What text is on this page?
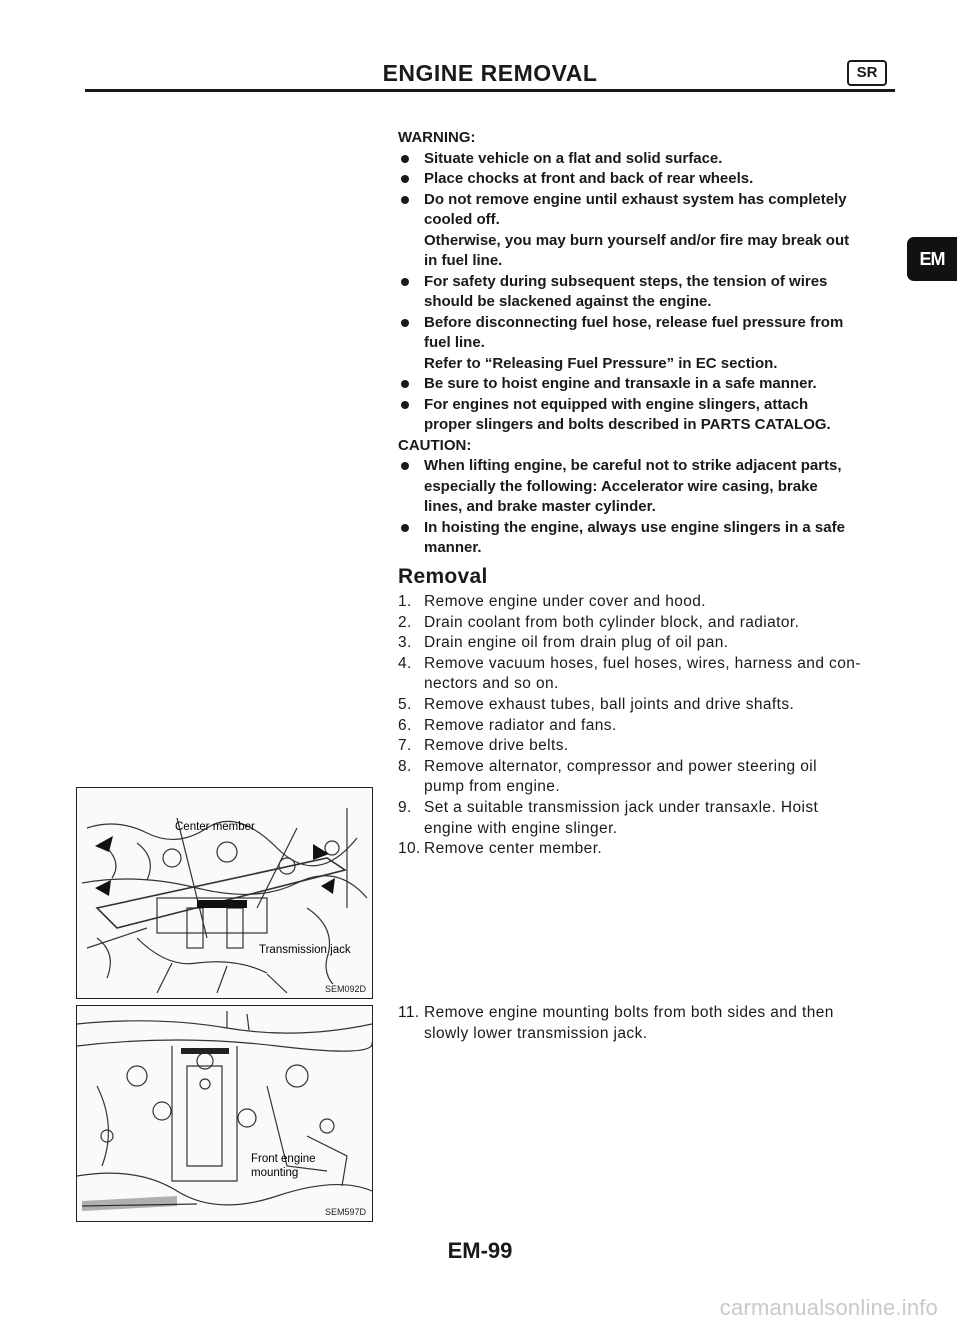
ENGINE REMOVAL	SR
EM
WARNING:
Situate vehicle on a flat and solid surface.
Place chocks at front and back of rear wheels.
Do not remove engine until exhaust system has completely
cooled off.
Otherwise, you may burn yourself and/or fire may break out
in fuel line.
For safety during subsequent steps, the tension of wires
should be slackened against the engine.
Before disconnecting fuel hose, release fuel pressure from
fuel line.
Refer to “Releasing Fuel Pressure” in EC section.
Be sure to hoist engine and transaxle in a safe manner.
For engines not equipped with engine slingers, attach
proper slingers and bolts described in PARTS CATALOG.
CAUTION:
When lifting engine, be careful not to strike adjacent parts,
especially the following: Accelerator wire casing, brake
lines, and brake master cylinder.
In hoisting the engine, always use engine slingers in a safe
manner.
Removal
1. Remove engine under cover and hood.
2. Drain coolant from both cylinder block, and radiator.
3. Drain engine oil from drain plug of oil pan.
4. Remove vacuum hoses, fuel hoses, wires, harness and con-
nectors and so on.
5. Remove exhaust tubes, ball joints and drive shafts.
6. Remove radiator and fans.
7. Remove drive belts.
8. Remove alternator, compressor and power steering oil
pump from engine.
9. Set a suitable transmission jack under transaxle. Hoist
engine with engine slinger.
10. Remove center member.
11. Remove engine mounting bolts from both sides and then
slowly lower transmission jack.
Center member
Transmission jack
SEM092D
Front engine
mounting
SEM597D
EM-99
carmanualsonline.info
